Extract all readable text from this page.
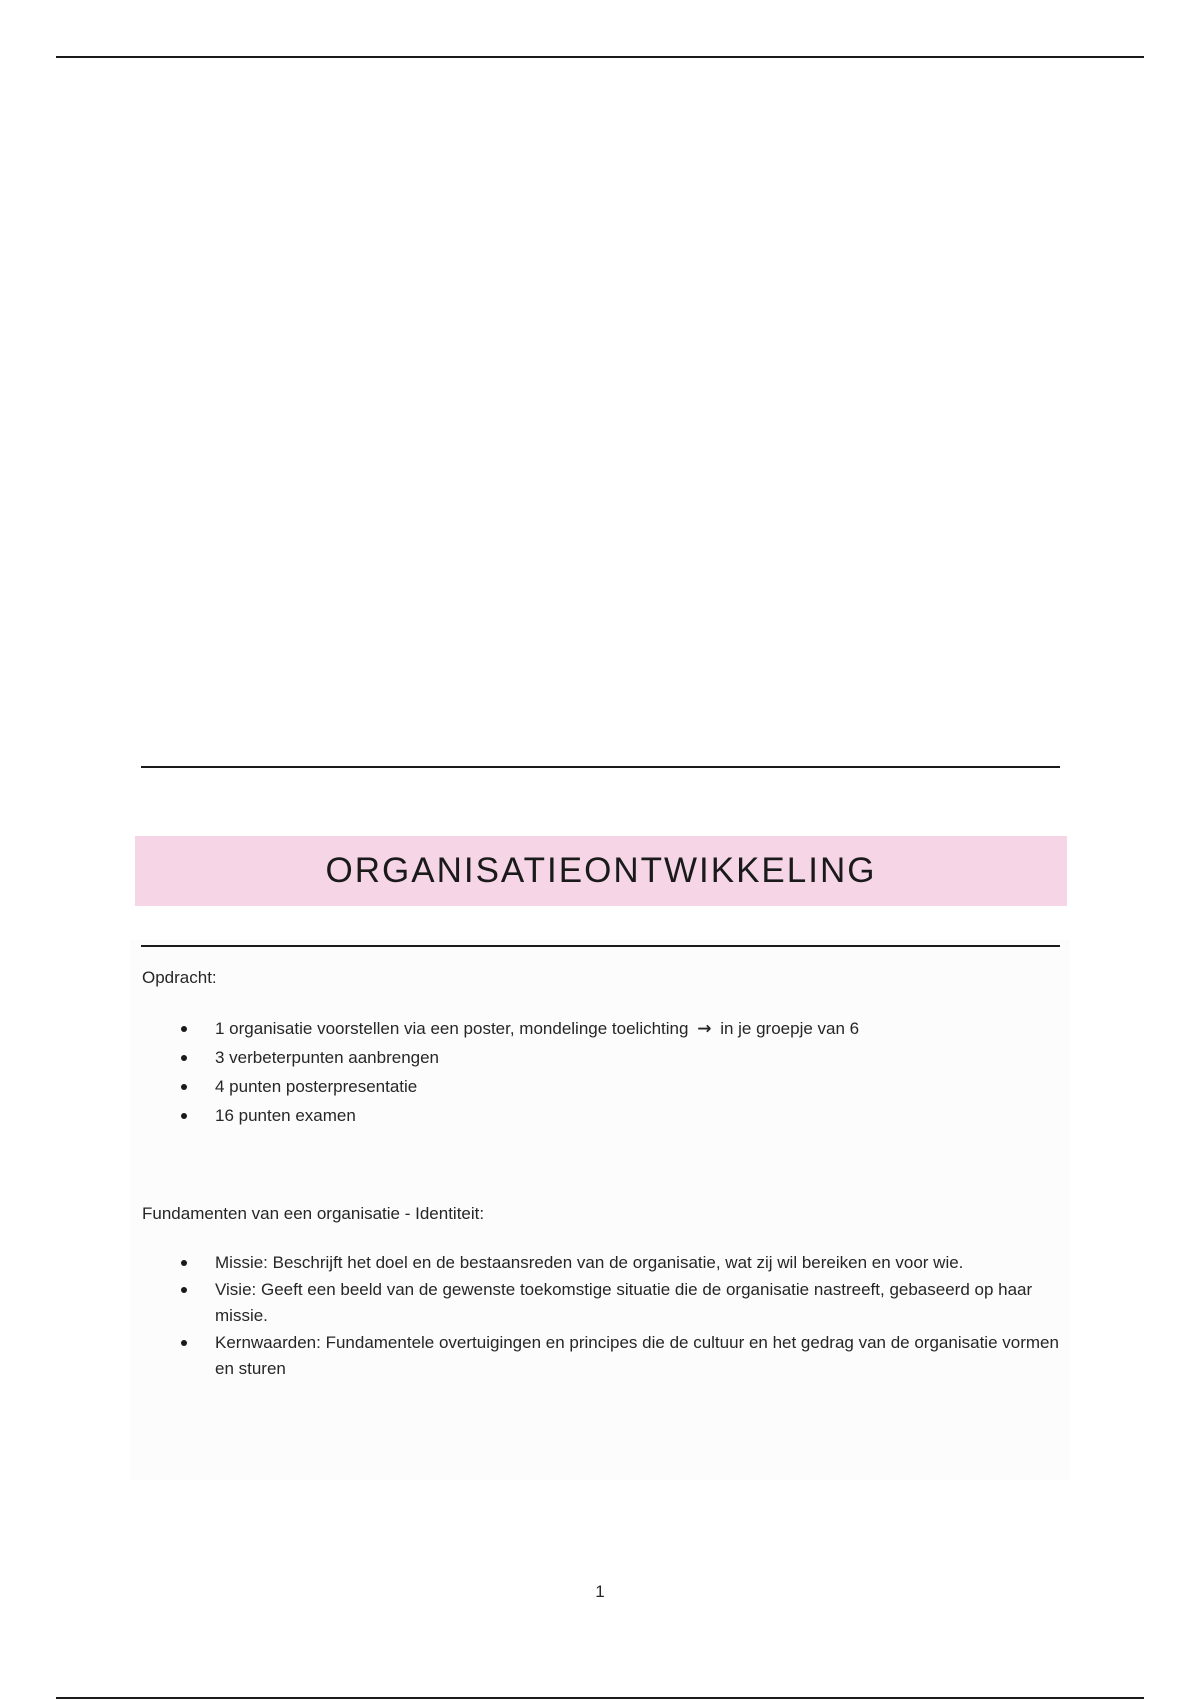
ORGANISATIEONTWIKKELING
Opdracht:
1 organisatie voorstellen via een poster, mondelinge toelichting → in je groepje van 6
3 verbeterpunten aanbrengen
4 punten posterpresentatie
16 punten examen
Fundamenten van een organisatie - Identiteit:
Missie: Beschrijft het doel en de bestaansreden van de organisatie, wat zij wil bereiken en voor wie.
Visie: Geeft een beeld van de gewenste toekomstige situatie die de organisatie nastreeft, gebaseerd op haar missie.
Kernwaarden: Fundamentele overtuigingen en principes die de cultuur en het gedrag van de organisatie vormen en sturen
1
